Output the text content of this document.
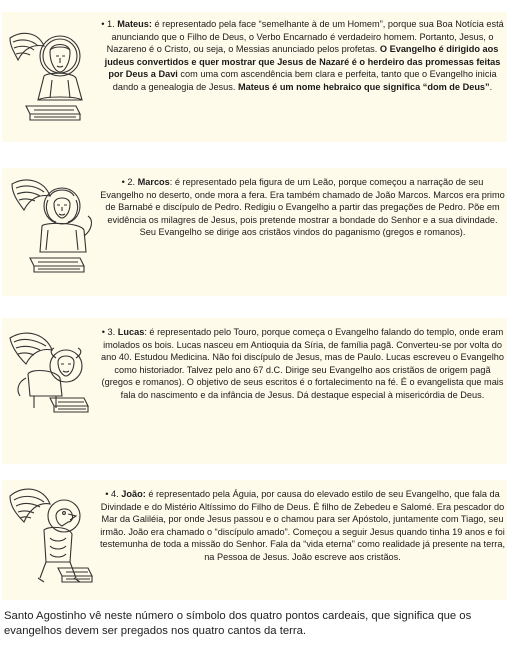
• 1. Mateus: é representado pela face “semelhante à de um Homem”, porque sua Boa Notícia está anunciando que o Filho de Deus, o Verbo Encarnado é verdadeiro homem. Portanto, Jesus, o Nazareno é o Cristo, ou seja, o Messias anunciado pelos profetas. O Evangelho é dirigido aos judeus convertidos e quer mostrar que Jesus de Nazaré é o herdeiro das promessas feitas por Deus a Davi com uma com ascendência bem clara e perfeita, tanto que o Evangelho inicia dando a genealogia de Jesus. Mateus é um nome hebraico que significa “dom de Deus”.
• 2. Marcos: é representado pela figura de um Leão, porque começou a narração de seu Evangelho no deserto, onde mora a fera. Era também chamado de João Marcos. Marcos era primo de Barnabé e discípulo de Pedro. Redigiu o Evangelho a partir das pregações de Pedro. Põe em evidência os milagres de Jesus, pois pretende mostrar a bondade do Senhor e a sua divindade. Seu Evangelho se dirige aos cristãos vindos do paganismo (gregos e romanos).
• 3. Lucas: é representado pelo Touro, porque começa o Evangelho falando do templo, onde eram imolados os bois. Lucas nasceu em Antioquia da Síria, de família pagã. Converteu-se por volta do ano 40. Estudou Medicina. Não foi discípulo de Jesus, mas de Paulo. Lucas escreveu o Evangelho como historiador. Talvez pelo ano 67 d.C. Dirige seu Evangelho aos cristãos de origem pagã (gregos e romanos). O objetivo de seus escritos é o fortalecimento na fé. É o evangelista que mais fala do nascimento e da infância de Jesus. Dá destaque especial à misericórdia de Deus.
• 4. João: é representado pela Águia, por causa do elevado estilo de seu Evangelho, que fala da Divindade e do Mistério Altíssimo do Filho de Deus. É filho de Zebedeu e Salomé. Era pescador do Mar da Galiléia, por onde Jesus passou e o chamou para ser Apóstolo, juntamente com Tiago, seu irmão. João era chamado o “discípulo amado”. Começou a seguir Jesus quando tinha 19 anos e foi testemunha de toda a missão do Senhor. Fala da “vida eterna” como realidade já presente na terra, na Pessoa de Jesus. João escreve aos cristãos.
Santo Agostinho vê neste número o símbolo dos quatro pontos cardeais, que significa que os evangelhos devem ser pregados nos quatro cantos da terra.
